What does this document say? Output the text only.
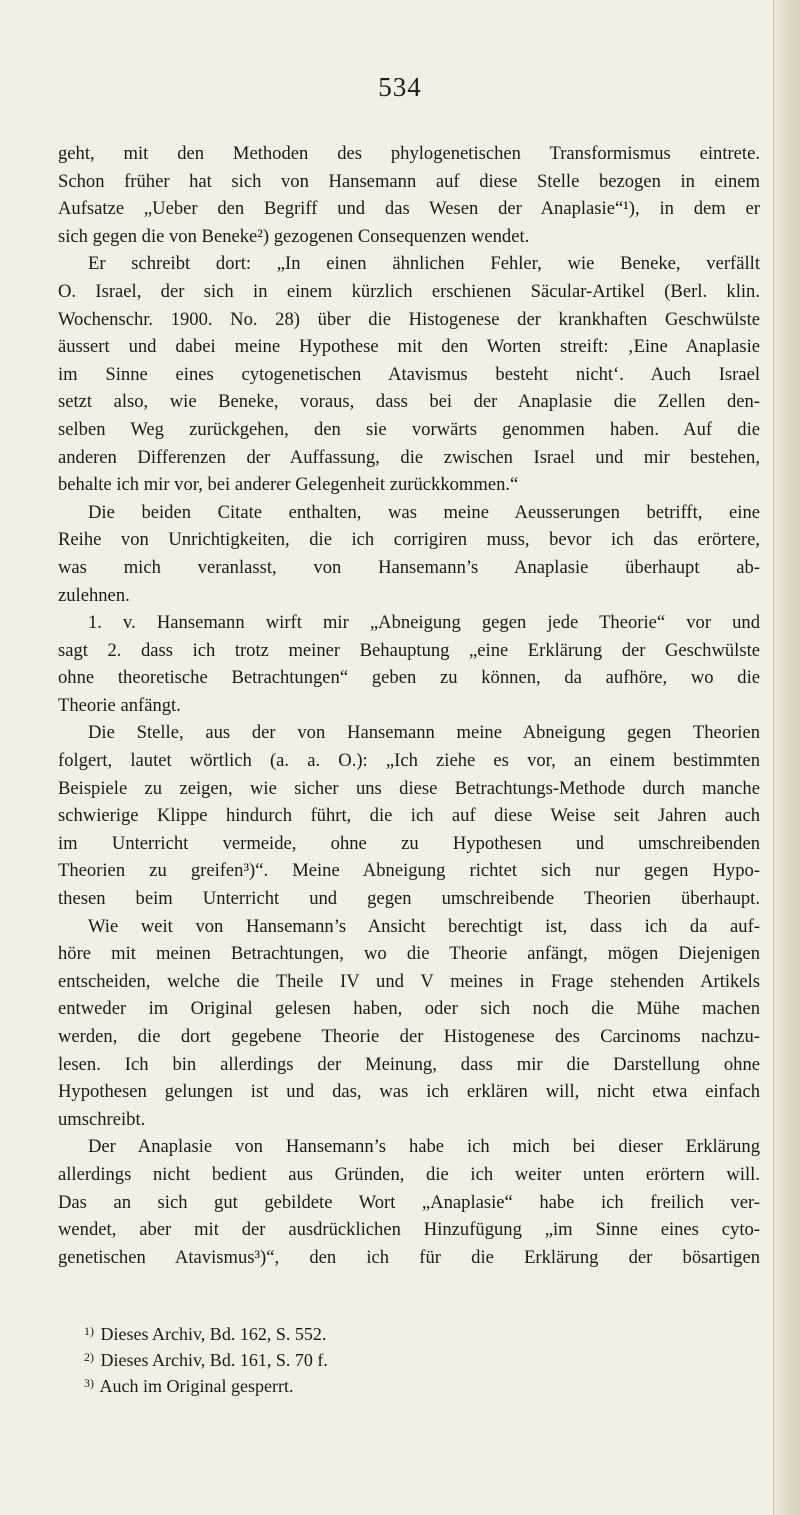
534
geht, mit den Methoden des phylogenetischen Transformismus eintrete.
Schon früher hat sich von Hansemann auf diese Stelle bezogen in einem
Aufsatze „Ueber den Begriff und das Wesen der Anaplasie“¹), in dem er
sich gegen die von Beneke²) gezogenen Consequenzen wendet.
Er schreibt dort: „In einen ähnlichen Fehler, wie Beneke, verfällt
O. Israel, der sich in einem kürzlich erschienen Säcular-Artikel (Berl. klin.
Wochenschr. 1900. No. 28) über die Histogenese der krankhaften Geschwülste
äussert und dabei meine Hypothese mit den Worten streift: ‚Eine Anaplasie
im Sinne eines cytogenetischen Atavismus besteht nicht‘. Auch Israel
setzt also, wie Beneke, voraus, dass bei der Anaplasie die Zellen den-
selben Weg zurückgehen, den sie vorwärts genommen haben. Auf die
anderen Differenzen der Auffassung, die zwischen Israel und mir bestehen,
behalte ich mir vor, bei anderer Gelegenheit zurückkommen.“
Die beiden Citate enthalten, was meine Aeusserungen betrifft, eine
Reihe von Unrichtigkeiten, die ich corrigiren muss, bevor ich das erörtere,
was mich veranlasst, von Hansemann’s Anaplasie überhaupt ab-
zulehnen.
1. v. Hansemann wirft mir „Abneigung gegen jede Theorie“ vor und
sagt 2. dass ich trotz meiner Behauptung „eine Erklärung der Geschwülste
ohne theoretische Betrachtungen“ geben zu können, da aufhöre, wo die
Theorie anfängt.
Die Stelle, aus der von Hansemann meine Abneigung gegen Theorien
folgert, lautet wörtlich (a. a. O.): „Ich ziehe es vor, an einem bestimmten
Beispiele zu zeigen, wie sicher uns diese Betrachtungs-Methode durch manche
schwierige Klippe hindurch führt, die ich auf diese Weise seit Jahren auch
im Unterricht vermeide, ohne zu Hypothesen und umschreibenden
Theorien zu greifen³)“. Meine Abneigung richtet sich nur gegen Hypo-
thesen beim Unterricht und gegen umschreibende Theorien überhaupt.
Wie weit von Hansemann’s Ansicht berechtigt ist, dass ich da auf-
höre mit meinen Betrachtungen, wo die Theorie anfängt, mögen Diejenigen
entscheiden, welche die Theile IV und V meines in Frage stehenden Artikels
entweder im Original gelesen haben, oder sich noch die Mühe machen
werden, die dort gegebene Theorie der Histogenese des Carcinoms nachzu-
lesen. Ich bin allerdings der Meinung, dass mir die Darstellung ohne
Hypothesen gelungen ist und das, was ich erklären will, nicht etwa einfach
umschreibt.
Der Anaplasie von Hansemann’s habe ich mich bei dieser Erklärung
allerdings nicht bedient aus Gründen, die ich weiter unten erörtern will.
Das an sich gut gebildete Wort „Anaplasie“ habe ich freilich ver-
wendet, aber mit der ausdrücklichen Hinzufügung „im Sinne eines cyto-
genetischen Atavismus³)“, den ich für die Erklärung der bösartigen
$^{1)}$ Dieses Archiv, Bd. 162, S. 552.
$^{2)}$ Dieses Archiv, Bd. 161, S. 70 f.
$^{3)}$ Auch im Original gesperrt.
